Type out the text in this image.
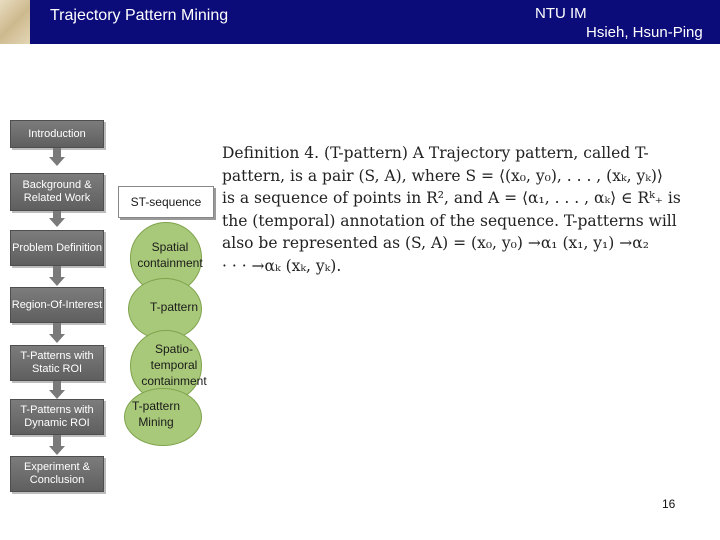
Trajectory Pattern Mining	NTU IM
Hsieh, Hsun-Ping
Introduction
Background & Related Work
Problem Definition
Region-Of-Interest
T-Patterns with Static ROI
T-Patterns with Dynamic ROI
Experiment & Conclusion
ST-sequence
Spatial containment
T-pattern
Spatio-temporal containment
T-pattern Mining
Definition 4. (T-pattern) A Trajectory pattern, called T-
pattern, is a pair (S, A), where S = ⟨(x₀, y₀), . . . , (xₖ, yₖ)⟩
is a sequence of points in R², and A = ⟨α₁, . . . , αₖ⟩ ∈ Rᵏ₊ is
the (temporal) annotation of the sequence. T-patterns will
also be represented as (S, A) = (x₀, y₀) →α₁ (x₁, y₁) →α₂
· · · →αₖ (xₖ, yₖ).
16
